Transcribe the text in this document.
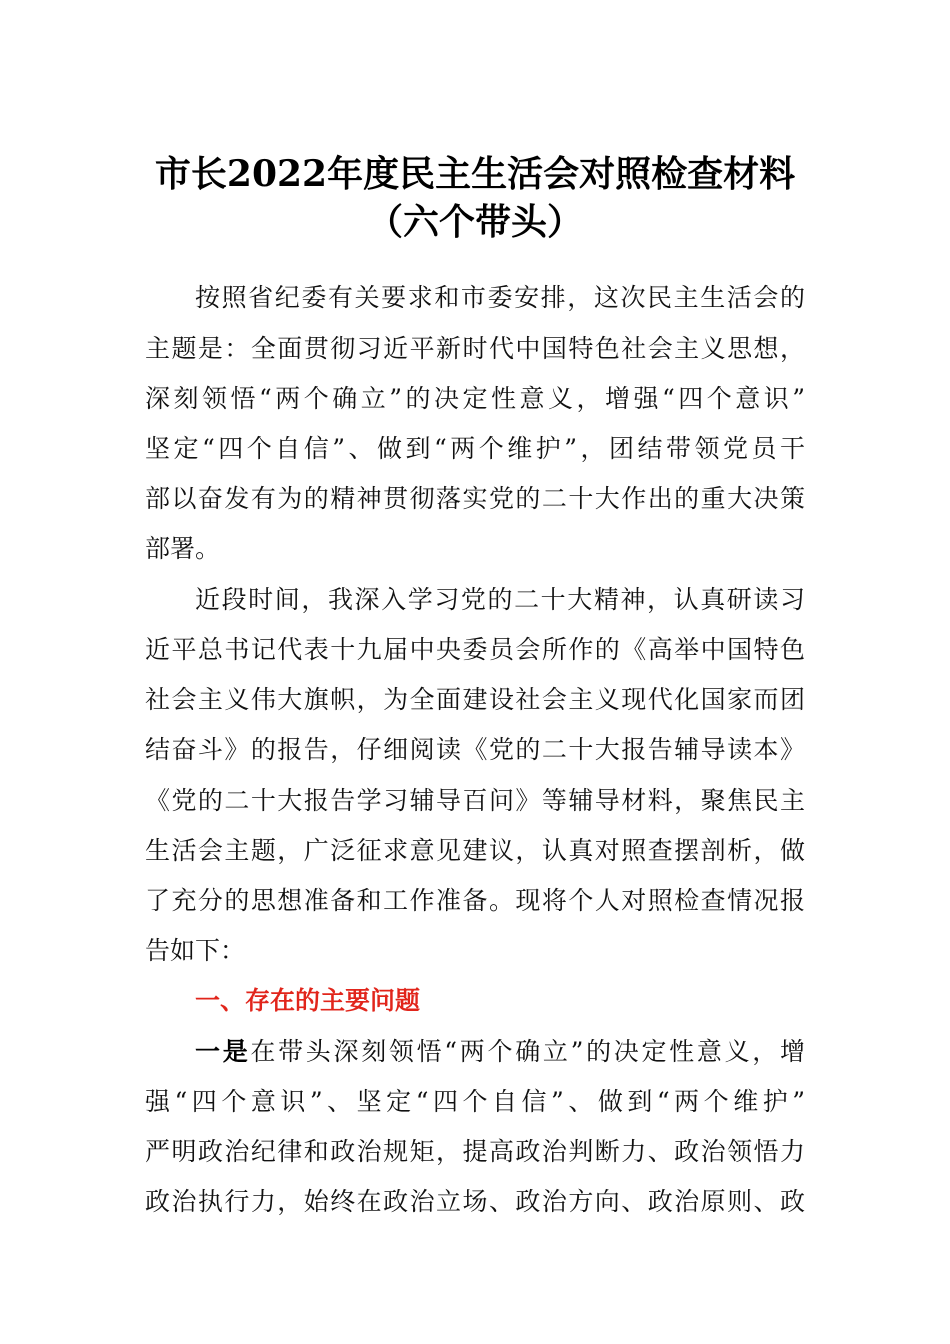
市长2022年度民主生活会对照检查材料
（六个带头）

按照省纪委有关要求和市委安排，这次民主生活会的

主题是：全面贯彻习近平新时代中国特色社会主义思想，

深刻领悟“两个确立”的决定性意义，增强“四个意识”

坚定“四个自信”、做到“两个维护”，团结带领党员干

部以奋发有为的精神贯彻落实党的二十大作出的重大决策

部署。

近段时间，我深入学习党的二十大精神，认真研读习

近平总书记代表十九届中央委员会所作的《高举中国特色

社会主义伟大旗帜，为全面建设社会主义现代化国家而团

结奋斗》的报告，仔细阅读《党的二十大报告辅导读本》

《党的二十大报告学习辅导百问》等辅导材料，聚焦民主

生活会主题，广泛征求意见建议，认真对照查摆剖析，做

了充分的思想准备和工作准备。现将个人对照检查情况报

告如下：

一、存在的主要问题

一是在带头深刻领悟“两个确立”的决定性意义，增

强“四个意识”、坚定“四个自信”、做到“两个维护”

严明政治纪律和政治规矩，提高政治判断力、政治领悟力

政治执行力，始终在政治立场、政治方向、政治原则、政
